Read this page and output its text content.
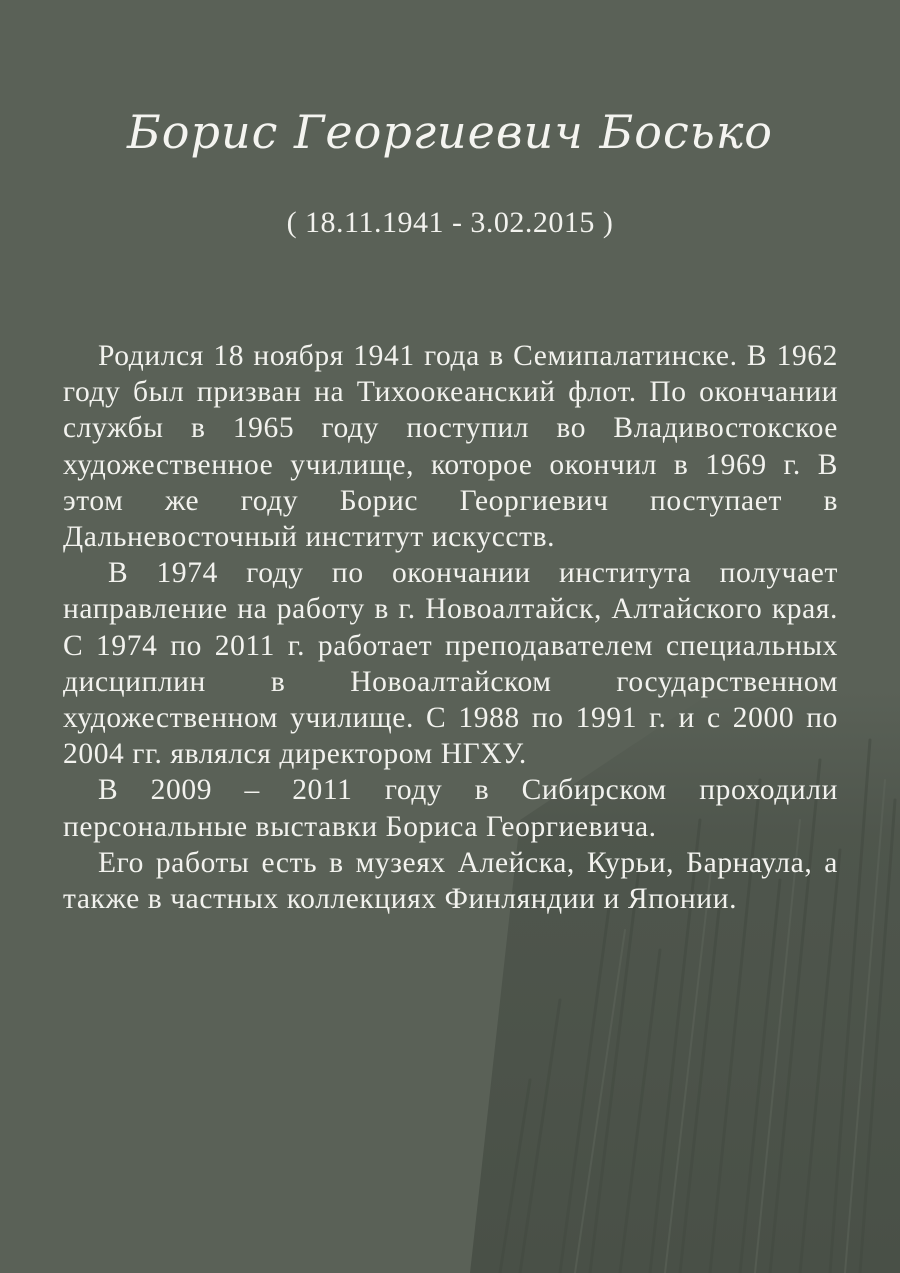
Борис Георгиевич Босько
( 18.11.1941 - 3.02.2015 )

Родился 18 ноября 1941 года в Семипалатинске. В 1962 году был призван на Тихоокеанский флот. По окончании службы в 1965 году поступил во Владивостокское художественное училище, которое окончил в 1969 г. В этом же году Борис Георгиевич поступает в Дальневосточный институт искусств.

В 1974 году по окончании института получает направление на работу в г. Новоалтайск, Алтайского края. С 1974 по 2011 г. работает преподавателем специальных дисциплин в Новоалтайском государственном художественном училище. С 1988 по 1991 г. и с 2000 по 2004 гг. являлся директором НГХУ.

В 2009 – 2011 году в Сибирском проходили персональные выставки Бориса Георгиевича.

Его работы есть в музеях Алейска, Курьи, Барнаула, а также в частных коллекциях Финляндии и Японии.
